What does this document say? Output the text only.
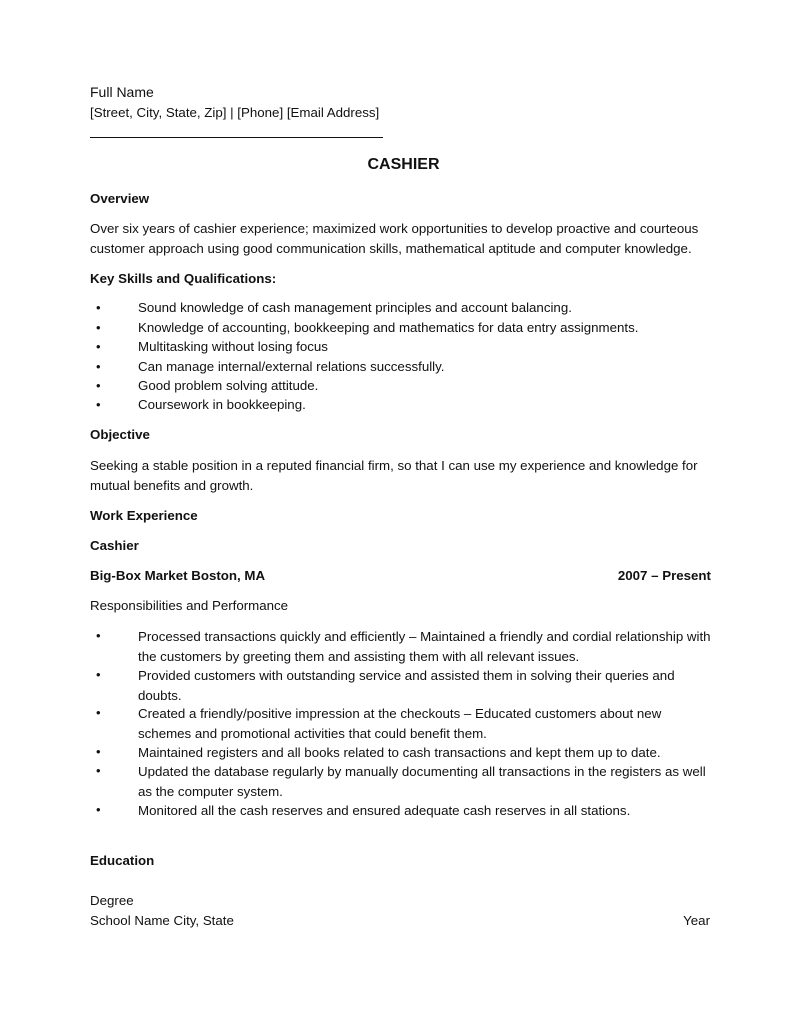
Full Name
[Street, City, State, Zip] | [Phone] [Email Address]
CASHIER
Overview
Over six years of cashier experience; maximized work opportunities to develop proactive and courteous customer approach using good communication skills, mathematical aptitude and computer knowledge.
Key Skills and Qualifications:
•	Sound knowledge of cash management principles and account balancing.
•	Knowledge of accounting, bookkeeping and mathematics for data entry assignments.
•	Multitasking without losing focus
•	Can manage internal/external relations successfully.
•	Good problem solving attitude.
•	Coursework in bookkeeping.
Objective
Seeking a stable position in a reputed financial firm, so that I can use my experience and knowledge for mutual benefits and growth.
Work Experience
Cashier
Big-Box Market Boston, MA	2007 – Present
Responsibilities and Performance
•	Processed transactions quickly and efficiently – Maintained a friendly and cordial relationship with the customers by greeting them and assisting them with all relevant issues.
•	Provided customers with outstanding service and assisted them in solving their queries and doubts.
•	Created a friendly/positive impression at the checkouts – Educated customers about new schemes and promotional activities that could benefit them.
•	Maintained registers and all books related to cash transactions and kept them up to date.
•	Updated the database regularly by manually documenting all transactions in the registers as well as the computer system.
•	Monitored all the cash reserves and ensured adequate cash reserves in all stations.
Education
Degree
School Name City, State	Year
